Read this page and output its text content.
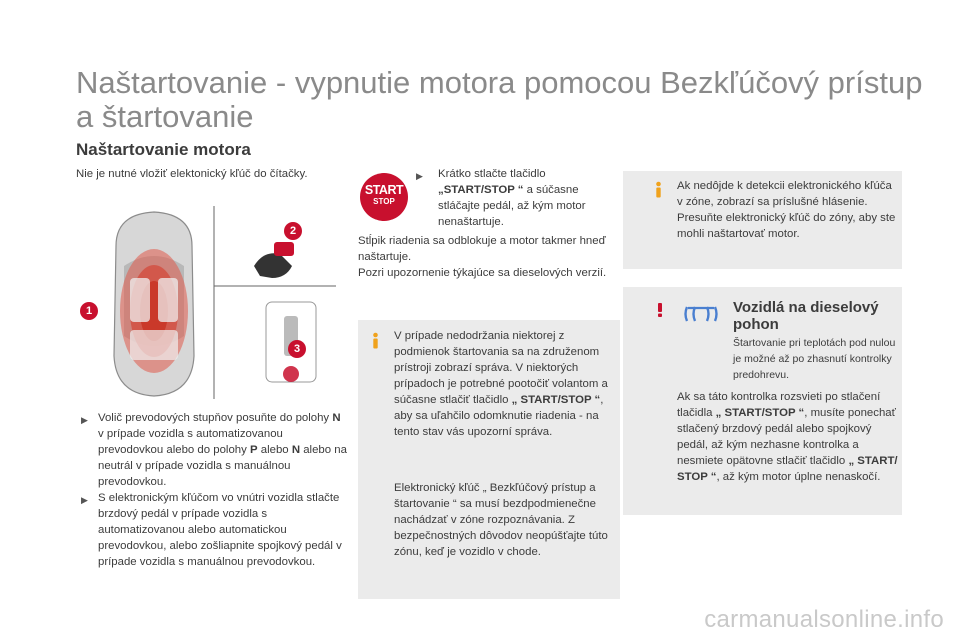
Naštartovanie - vypnutie motora pomocou Bezkľúčový prístup a štartovanie
Naštartovanie motora
Nie je nutné vložiť elektonický kľúč do čítačky.
1
2
3
▶ Volič prevodových stupňov posuňte do polohy N v prípade vozidla s automatizovanou prevodovkou alebo do polohy P alebo N alebo na neutrál v prípade vozidla s manuálnou prevodovkou.
▶ S elektronickým kľúčom vo vnútri vozidla stlačte brzdový pedál v prípade vozidla s automatizovanou alebo automatickou prevodovkou, alebo zošliapnite spojkový pedál v prípade vozidla s manuálnou prevodovkou.
START
STOP
▶	Krátko stlačte tlačidlo „START/STOP “ a súčasne stláčajte pedál, až kým motor nenaštartuje.
Stĺpik riadenia sa odblokuje a motor takmer hneď naštartuje.
Pozri upozornenie týkajúce sa dieselových verzií.
V prípade nedodržania niektorej z podmienok štartovania sa na združenom prístroji zobrazí správa. V niektorých prípadoch je potrebné pootočiť volantom a súčasne stlačiť tlačidlo „ START/STOP “, aby sa uľahčilo odomknutie riadenia - na tento stav vás upozorní správa.
Elektronický kľúč „ Bezkľúčový prístup a štartovanie “ sa musí bezdpodmienečne nachádzať v zóne rozpoznávania. Z bezpečnostných dôvodov neopúšťajte túto zónu, keď je vozidlo v chode.
Ak nedôjde k detekcii elektronického kľúča v zóne, zobrazí sa príslušné hlásenie. Presuňte elektronický kľúč do zóny, aby ste mohli naštartovať motor.
Vozidlá na dieselový pohon
Štartovanie pri teplotách pod nulou je možné až po zhasnutí kontrolky predohrevu.
Ak sa táto kontrolka rozsvieti po stlačení tlačidla „ START/STOP “, musíte ponechať stlačený brzdový pedál alebo spojkový pedál, až kým nezhasne kontrolka a nesmiete opätovne stlačiť tlačidlo „ START/ STOP “, až kým motor úplne nenaskočí.
carmanualsonline.info
